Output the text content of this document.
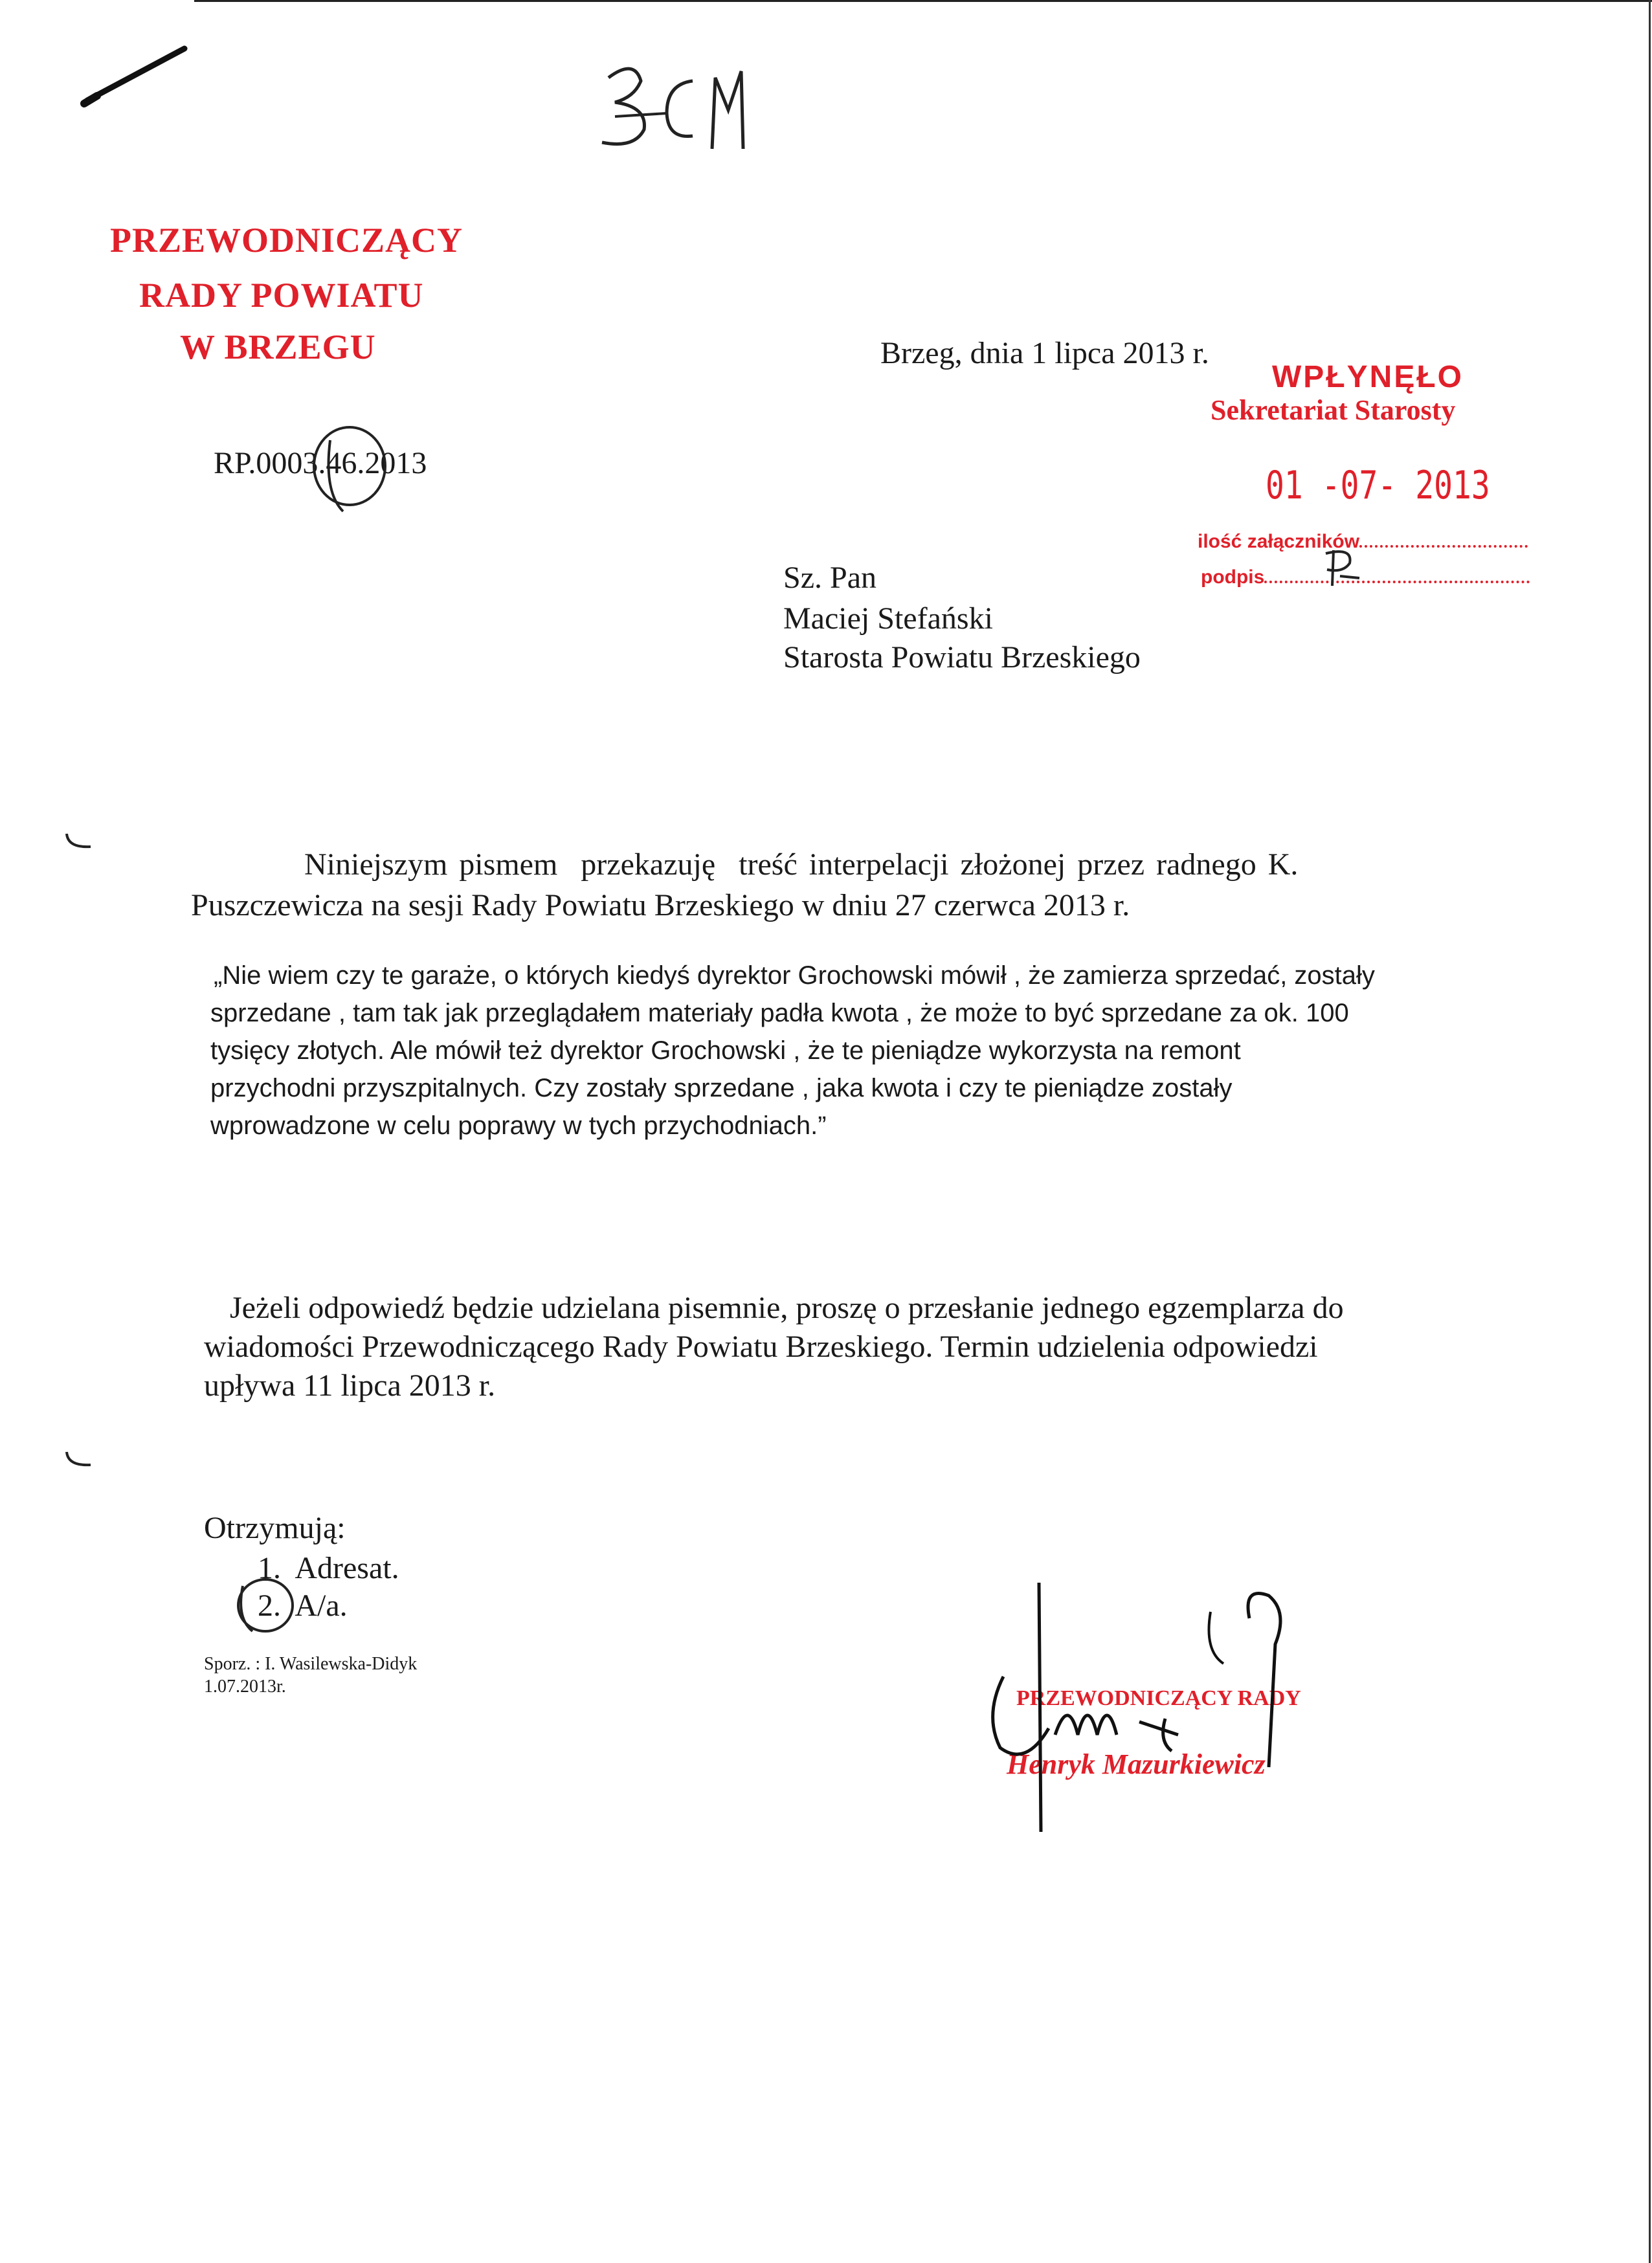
PRZEWODNICZĄCY
RADY POWIATU
W BRZEGU	Brzeg, dnia 1 lipca 2013 r.
RP.0003.46.2013
WPŁYNĘŁO
Sekretariat Starosty
01 -07- 2013
ilość załączników
podpis
Sz. Pan
Maciej Stefański
Starosta Powiatu Brzeskiego
Niniejszym pismem  przekazuję  treść interpelacji złożonej przez radnego K.
Puszczewicza na sesji Rady Powiatu Brzeskiego w dniu 27 czerwca 2013 r.
„Nie wiem czy te garaże, o których kiedyś dyrektor Grochowski mówił , że zamierza sprzedać, zostały
sprzedane , tam tak jak przeglądałem materiały padła kwota , że może to być sprzedane za ok. 100
tysięcy złotych. Ale mówił też dyrektor Grochowski , że te pieniądze wykorzysta na remont
przychodni przyszpitalnych. Czy zostały sprzedane , jaka kwota i czy te pieniądze zostały
wprowadzone w celu poprawy w tych przychodniach.”
Jeżeli odpowiedź będzie udzielana pisemnie, proszę o przesłanie jednego egzemplarza do
wiadomości Przewodniczącego Rady Powiatu Brzeskiego. Termin udzielenia odpowiedzi
upływa 11 lipca 2013 r.
Otrzymują:
1.  Adresat.
2.  A/a.
Sporz. : I. Wasilewska-Didyk
1.07.2013r.	PRZEWODNICZĄCY RADY
Henryk Mazurkiewicz
